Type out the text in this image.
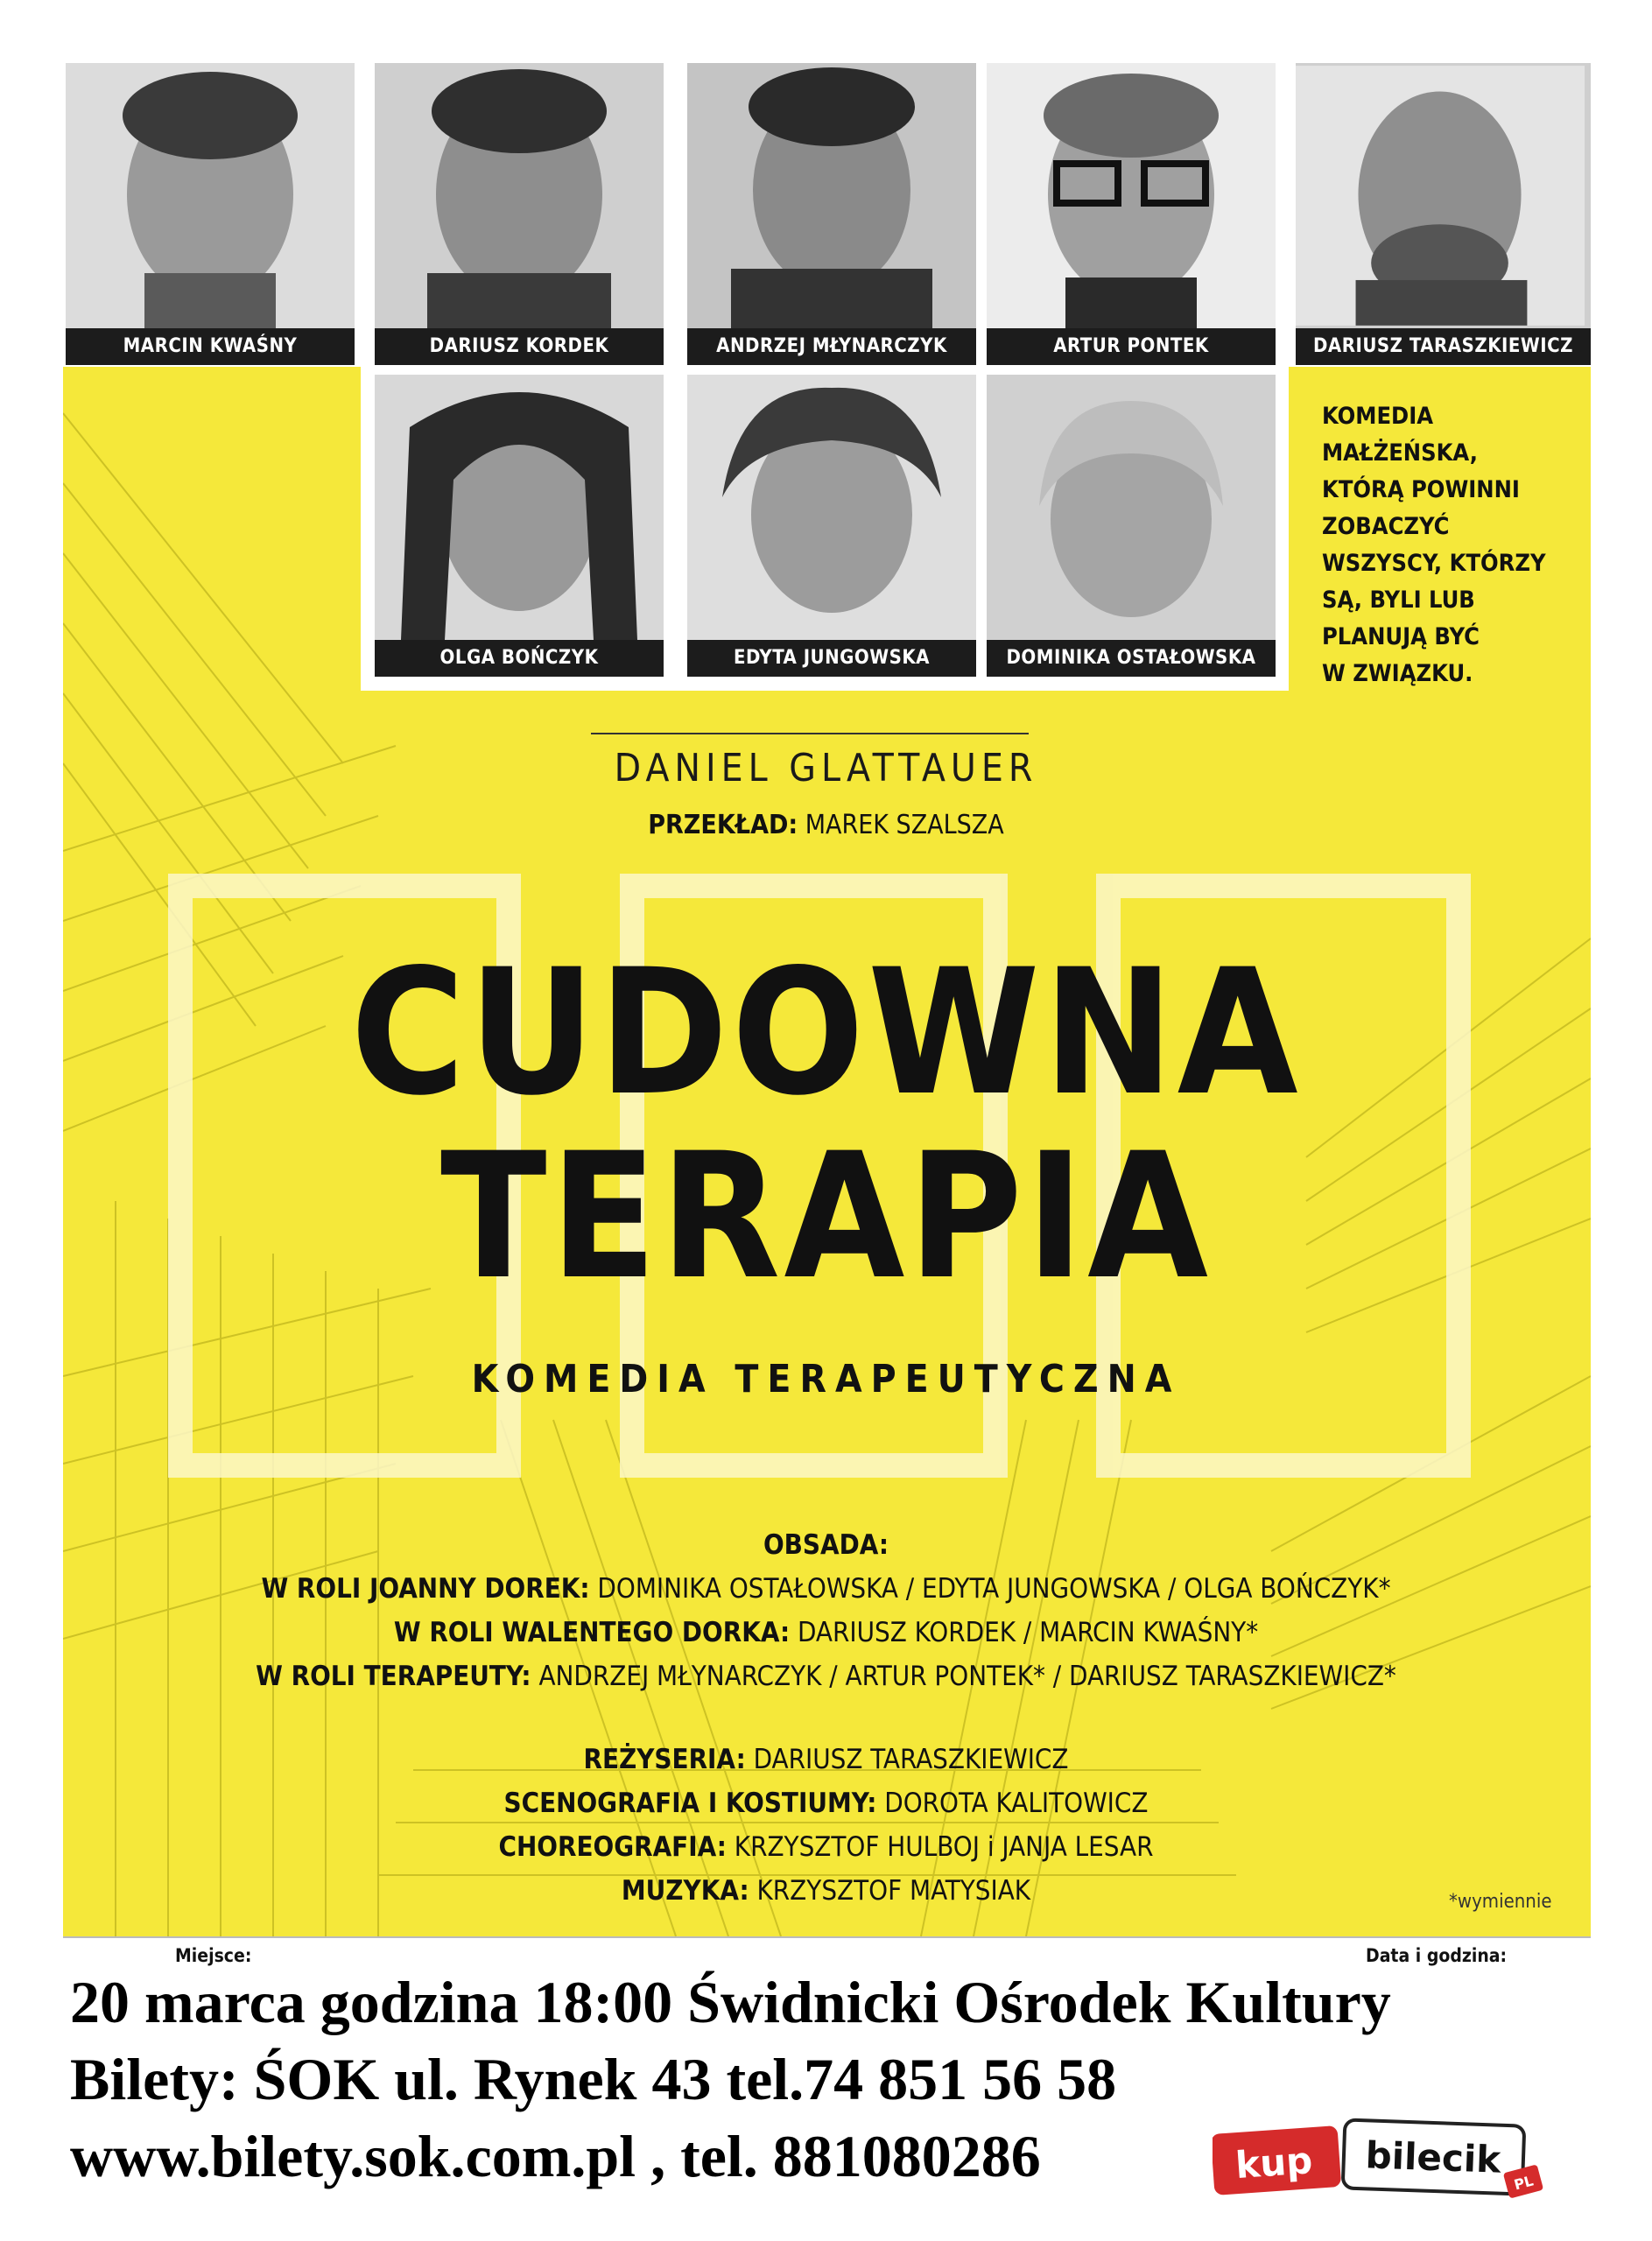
MARCIN KWAŚNY	DARIUSZ KORDEK	ANDRZEJ MŁYNARCZYK	ARTUR PONTEK	DARIUSZ TARASZKIEWICZ
OLGA BOŃCZYK	EDYTA JUNGOWSKA	DOMINIKA OSTAŁOWSKA
KOMEDIA
MAŁŻEŃSKA,
KTÓRĄ POWINNI
ZOBACZYĆ
WSZYSCY, KTÓRZY
SĄ, BYLI LUB
PLANUJĄ BYĆ
W ZWIĄZKU.
DANIEL GLATTAUER
PRZEKŁAD: MAREK SZALSZA
CUDOWNA
TERAPIA
KOMEDIA TERAPEUTYCZNA
OBSADA:
W ROLI JOANNY DOREK: DOMINIKA OSTAŁOWSKA / EDYTA JUNGOWSKA / OLGA BOŃCZYK*
W ROLI WALENTEGO DORKA: DARIUSZ KORDEK / MARCIN KWAŚNY*
W ROLI TERAPEUTY: ANDRZEJ MŁYNARCZYK / ARTUR PONTEK* / DARIUSZ TARASZKIEWICZ*
REŻYSERIA: DARIUSZ TARASZKIEWICZ
SCENOGRAFIA I KOSTIUMY: DOROTA KALITOWICZ
CHOREOGRAFIA: KRZYSZTOF HULBOJ i JANJA LESAR
MUZYKA: KRZYSZTOF MATYSIAK	*wymiennie
Miejsce:	Data i godzina:
20 marca godzina 18:00 Świdnicki Ośrodek Kultury
Bilety: ŚOK ul. Rynek 43 tel.74 851 56 58
www.bilety.sok.com.pl , tel. 881080286	kup bilecik
PL
